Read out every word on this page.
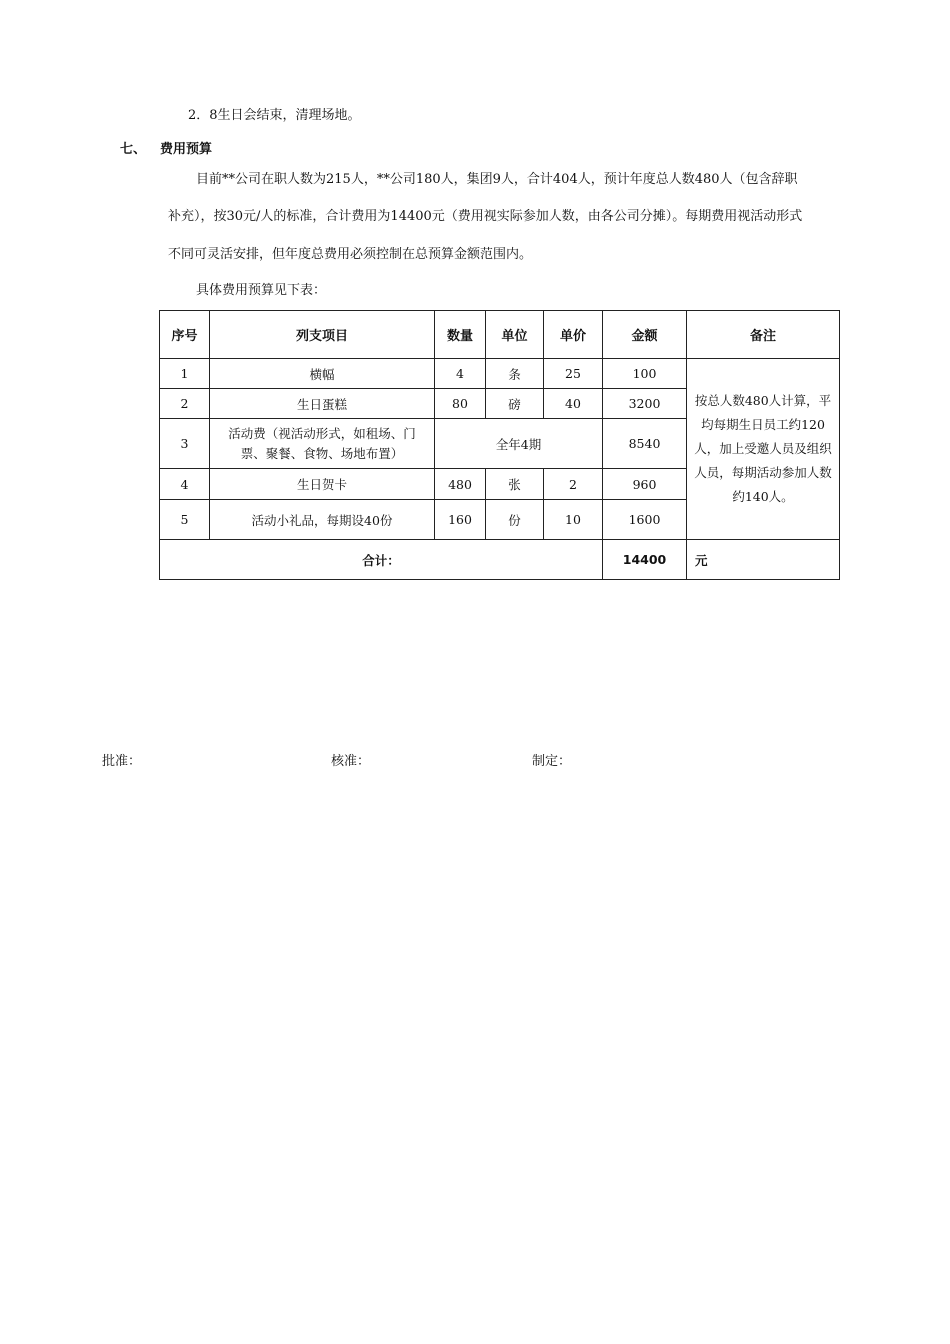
2．8生日会结束，清理场地。
七、 费用预算
目前**公司在职人数为215人，**公司180人，集团9人，合计404人，预计年度总人数480人（包含辞职
补充），按30元/人的标准，合计费用为14400元（费用视实际参加人数，由各公司分摊）。每期费用视活动形式
不同可灵活安排，但年度总费用必须控制在总预算金额范围内。
具体费用预算见下表：
序号	列支项目	数量	单位	单价	金额	备注
1	横幅	4	条	25	100	按总人数480人计算，平均每期生日员工约120人，加上受邀人员及组织人员，每期活动参加人数约140人。
2	生日蛋糕	80	磅	40	3200	
3	活动费（视活动形式，如租场、门票、聚餐、食物、场地布置）	全年4期			8540	
4	生日贺卡	480	张	2	960	
5	活动小礼品，每期设40份	160	份	10	1600	
合计：					14400	元
批准：	核准：	制定：
